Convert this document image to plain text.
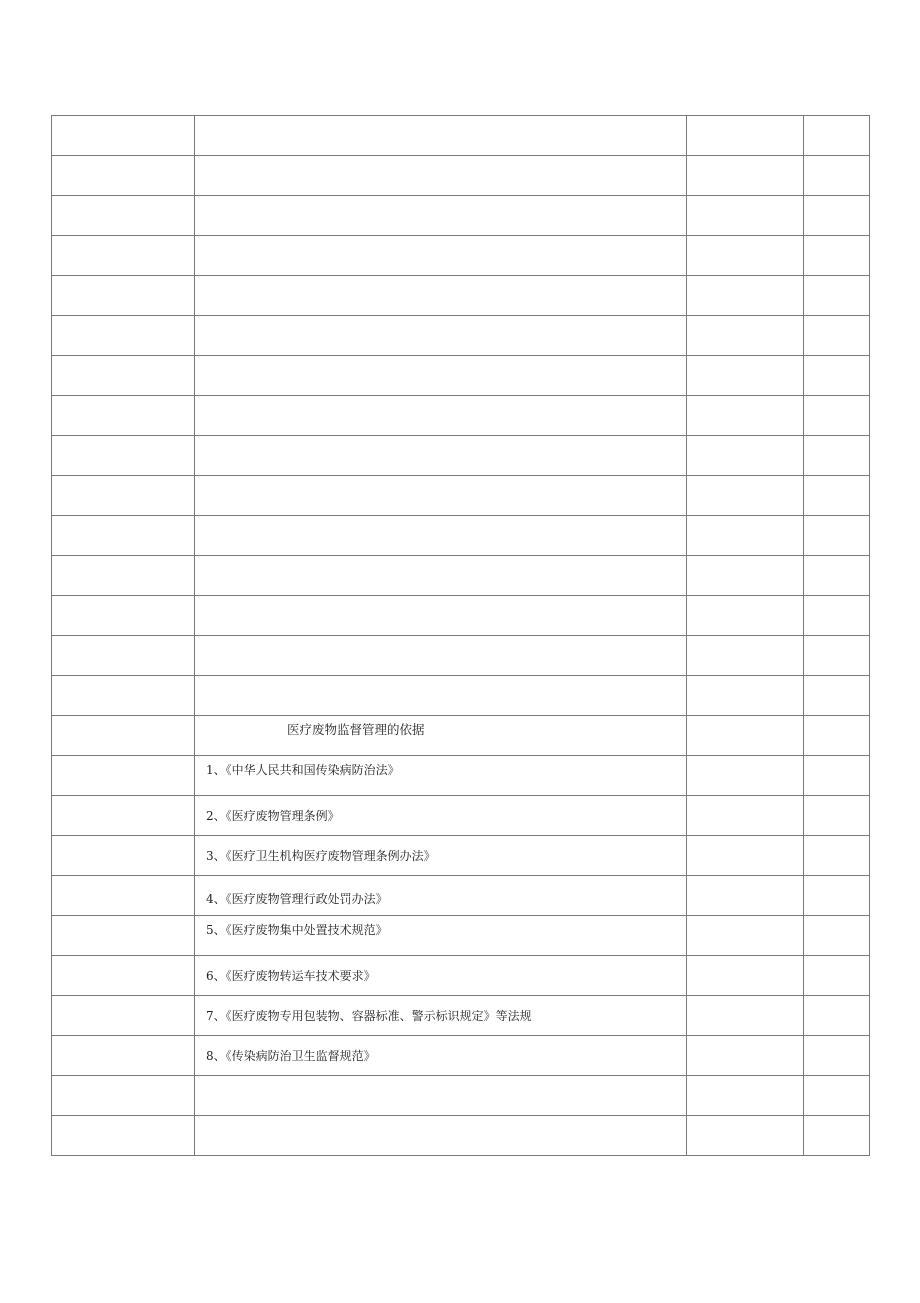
	医疗废物监督管理的依据		

	1、《中华人民共和国传染病防治法》		

	2、《医疗废物管理条例》		

	3、《医疗卫生机构医疗废物管理条例办法》		

	4、《医疗废物管理行政处罚办法》		

	5、《医疗废物集中处置技术规范》		

	6、《医疗废物转运车技术要求》		

	7、《医疗废物专用包装物、容器标准、警示标识规定》等法规		

	8、《传染病防治卫生监督规范》		
